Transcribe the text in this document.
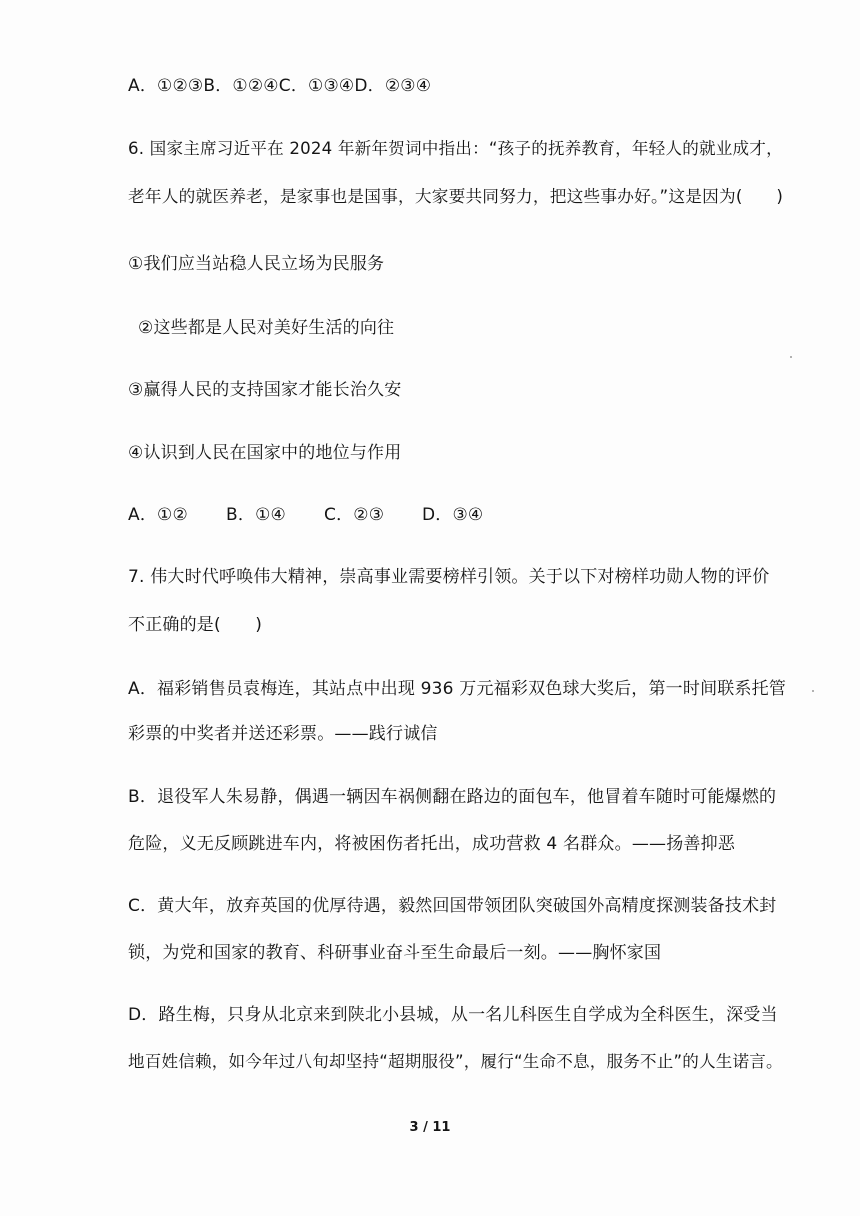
A．①②③B．①②④C．①③④D．②③④
6. 国家主席习近平在 2024 年新年贺词中指出：“孩子的抚养教育，年轻人的就业成才，
老年人的就医养老，是家事也是国事，大家要共同努力，把这些事办好。”这是因为(　　)
①我们应当站稳人民立场为民服务
②这些都是人民对美好生活的向往
③赢得人民的支持国家才能长治久安
④认识到人民在国家中的地位与作用
A．①② B．①④ C．②③ D．③④
7. 伟大时代呼唤伟大精神，崇高事业需要榜样引领。关于以下对榜样功勋人物的评价
不正确的是(　　)
A．福彩销售员袁梅连，其站点中出现 936 万元福彩双色球大奖后，第一时间联系托管
彩票的中奖者并送还彩票。——践行诚信
B．退役军人朱易静，偶遇一辆因车祸侧翻在路边的面包车，他冒着车随时可能爆燃的
危险，义无反顾跳进车内，将被困伤者托出，成功营救 4 名群众。——扬善抑恶
C．黄大年，放弃英国的优厚待遇，毅然回国带领团队突破国外高精度探测装备技术封
锁，为党和国家的教育、科研事业奋斗至生命最后一刻。——胸怀家国
D．路生梅，只身从北京来到陕北小县城，从一名儿科医生自学成为全科医生，深受当
地百姓信赖，如今年过八旬却坚持“超期服役”，履行“生命不息，服务不止”的人生诺言。
3 / 11
